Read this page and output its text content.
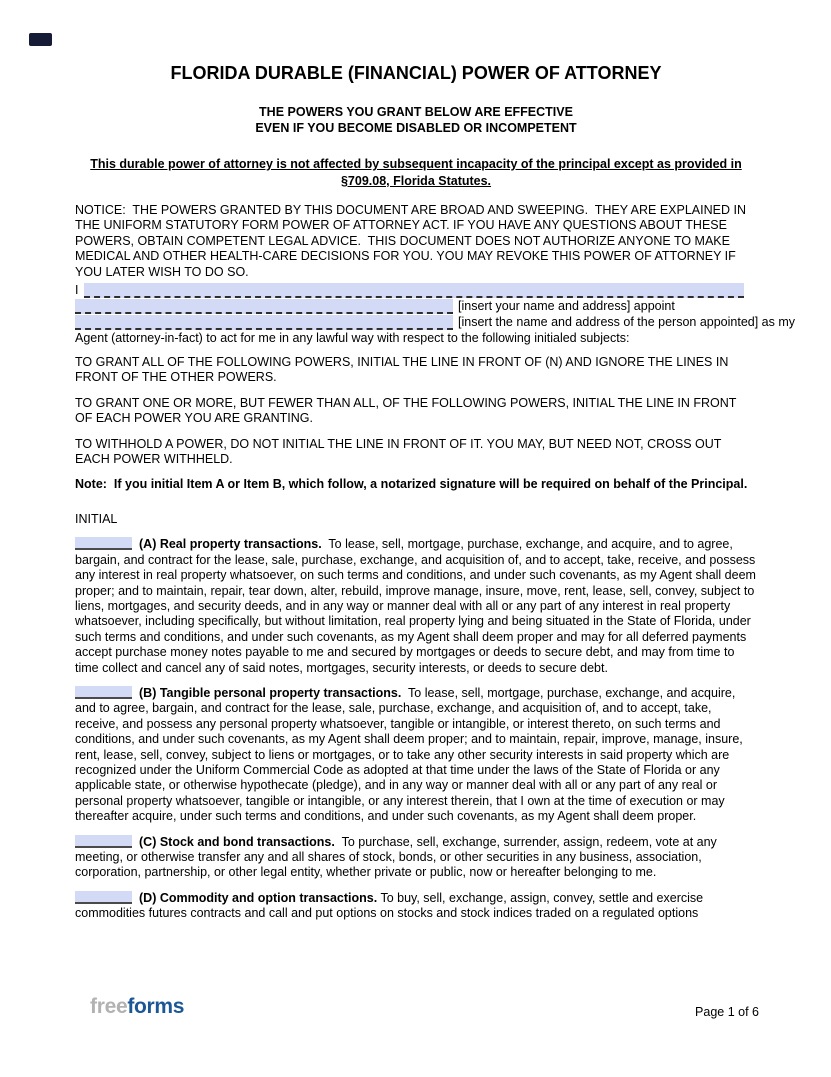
FLORIDA DURABLE (FINANCIAL) POWER OF ATTORNEY
THE POWERS YOU GRANT BELOW ARE EFFECTIVE
EVEN IF YOU BECOME DISABLED OR INCOMPETENT
This durable power of attorney is not affected by subsequent incapacity of the principal except as provided in §709.08, Florida Statutes.
NOTICE:  THE POWERS GRANTED BY THIS DOCUMENT ARE BROAD AND SWEEPING.  THEY ARE EXPLAINED IN THE UNIFORM STATUTORY FORM POWER OF ATTORNEY ACT. IF YOU HAVE ANY QUESTIONS ABOUT THESE POWERS, OBTAIN COMPETENT LEGAL ADVICE.  THIS DOCUMENT DOES NOT AUTHORIZE ANYONE TO MAKE MEDICAL AND OTHER HEALTH-CARE DECISIONS FOR YOU. YOU MAY REVOKE THIS POWER OF ATTORNEY IF YOU LATER WISH TO DO SO.
I
[insert your name and address] appoint
[insert the name and address of the person appointed] as my
Agent (attorney-in-fact) to act for me in any lawful way with respect to the following initialed subjects:
TO GRANT ALL OF THE FOLLOWING POWERS, INITIAL THE LINE IN FRONT OF (N) AND IGNORE THE LINES IN FRONT OF THE OTHER POWERS.
TO GRANT ONE OR MORE, BUT FEWER THAN ALL, OF THE FOLLOWING POWERS, INITIAL THE LINE IN FRONT OF EACH POWER YOU ARE GRANTING.
TO WITHHOLD A POWER, DO NOT INITIAL THE LINE IN FRONT OF IT. YOU MAY, BUT NEED NOT, CROSS OUT EACH POWER WITHHELD.
Note:  If you initial Item A or Item B, which follow, a notarized signature will be required on behalf of the Principal.
INITIAL

(A) Real property transactions.  To lease, sell, mortgage, purchase, exchange, and acquire, and to agree, bargain, and contract for the lease, sale, purchase, exchange, and acquisition of, and to accept, take, receive, and possess any interest in real property whatsoever, on such terms and conditions, and under such covenants, as my Agent shall deem proper; and to maintain, repair, tear down, alter, rebuild, improve manage, insure, move, rent, lease, sell, convey, subject to liens, mortgages, and security deeds, and in any way or manner deal with all or any part of any interest in real property whatsoever, including specifically, but without limitation, real property lying and being situated in the State of Florida, under such terms and conditions, and under such covenants, as my Agent shall deem proper and may for all deferred payments accept purchase money notes payable to me and secured by mortgages or deeds to secure debt, and may from time to time collect and cancel any of said notes, mortgages, security interests, or deeds to secure debt.

(B) Tangible personal property transactions.  To lease, sell, mortgage, purchase, exchange, and acquire, and to agree, bargain, and contract for the lease, sale, purchase, exchange, and acquisition of, and to accept, take, receive, and possess any personal property whatsoever, tangible or intangible, or interest thereto, on such terms and conditions, and under such covenants, as my Agent shall deem proper; and to maintain, repair, improve, manage, insure, rent, lease, sell, convey, subject to liens or mortgages, or to take any other security interests in said property which are recognized under the Uniform Commercial Code as adopted at that time under the laws of the State of Florida or any applicable state, or otherwise hypothecate (pledge), and in any way or manner deal with all or any part of any real or personal property whatsoever, tangible or intangible, or any interest therein, that I own at the time of execution or may thereafter acquire, under such terms and conditions, and under such covenants, as my Agent shall deem proper.

(C) Stock and bond transactions.  To purchase, sell, exchange, surrender, assign, redeem, vote at any meeting, or otherwise transfer any and all shares of stock, bonds, or other securities in any business, association, corporation, partnership, or other legal entity, whether private or public, now or hereafter belonging to me.

(D) Commodity and option transactions. To buy, sell, exchange, assign, convey, settle and exercise commodities futures contracts and call and put options on stocks and stock indices traded on a regulated options

freeforms	Page 1 of 6
